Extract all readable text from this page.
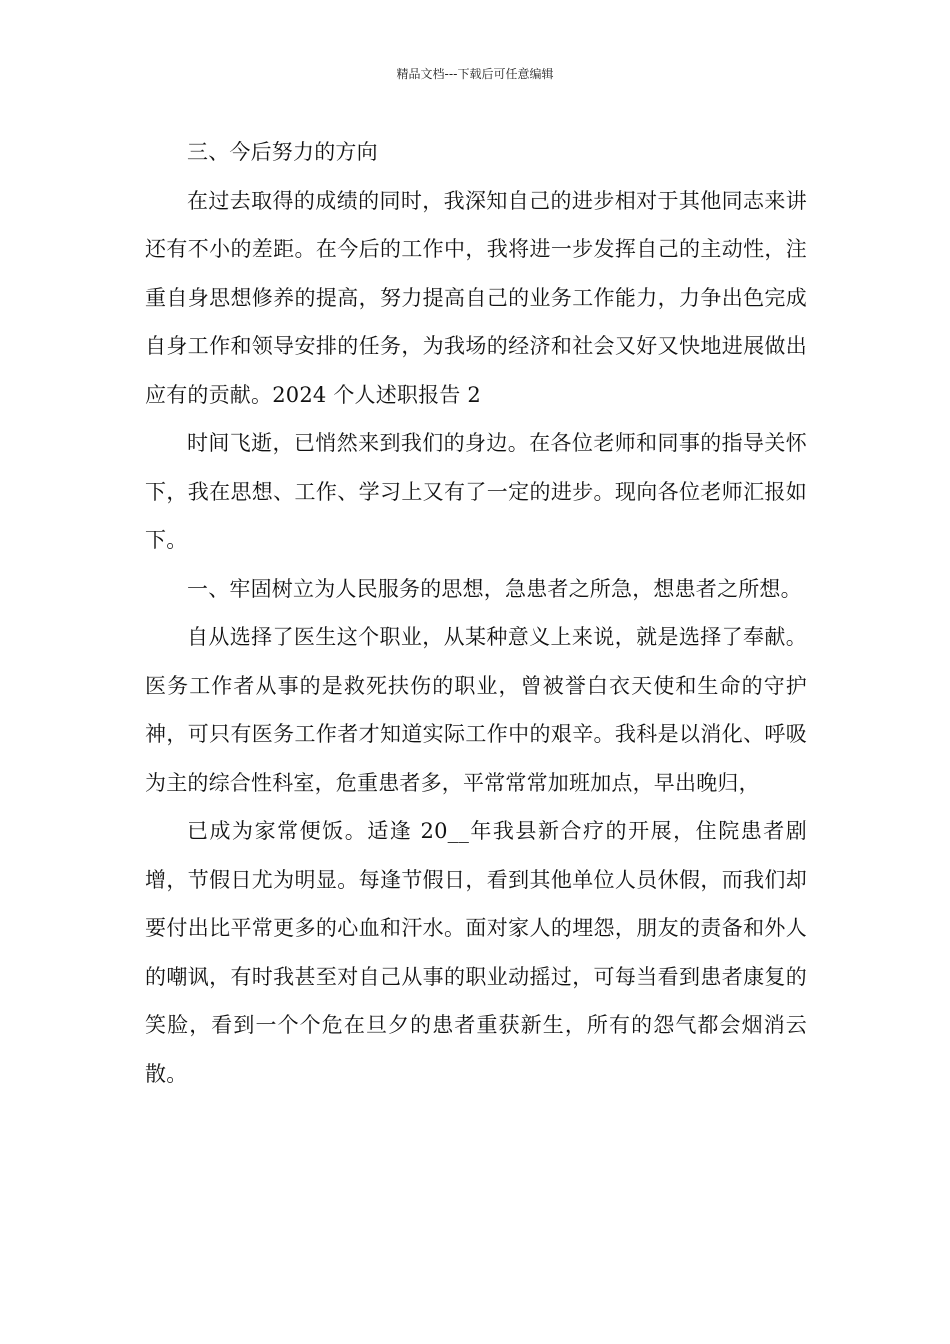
精品文档---下载后可任意编辑

三、今后努力的方向

在过去取得的成绩的同时，我深知自己的进步相对于其他同志来讲还有不小的差距。在今后的工作中，我将进一步发挥自己的主动性，注重自身思想修养的提高，努力提高自己的业务工作能力，力争出色完成自身工作和领导安排的任务，为我场的经济和社会又好又快地进展做出应有的贡献。2024 个人述职报告 2

时间飞逝，已悄然来到我们的身边。在各位老师和同事的指导关怀下，我在思想、工作、学习上又有了一定的进步。现向各位老师汇报如下。

一、牢固树立为人民服务的思想，急患者之所急，想患者之所想。

自从选择了医生这个职业，从某种意义上来说，就是选择了奉献。医务工作者从事的是救死扶伤的职业，曾被誉白衣天使和生命的守护神，可只有医务工作者才知道实际工作中的艰辛。我科是以消化、呼吸为主的综合性科室，危重患者多，平常常常加班加点，早出晚归，

已成为家常便饭。适逢 20__年我县新合疗的开展，住院患者剧增，节假日尤为明显。每逢节假日，看到其他单位人员休假，而我们却要付出比平常更多的心血和汗水。面对家人的埋怨，朋友的责备和外人的嘲讽，有时我甚至对自己从事的职业动摇过，可每当看到患者康复的笑脸，看到一个个危在旦夕的患者重获新生，所有的怨气都会烟消云散。
